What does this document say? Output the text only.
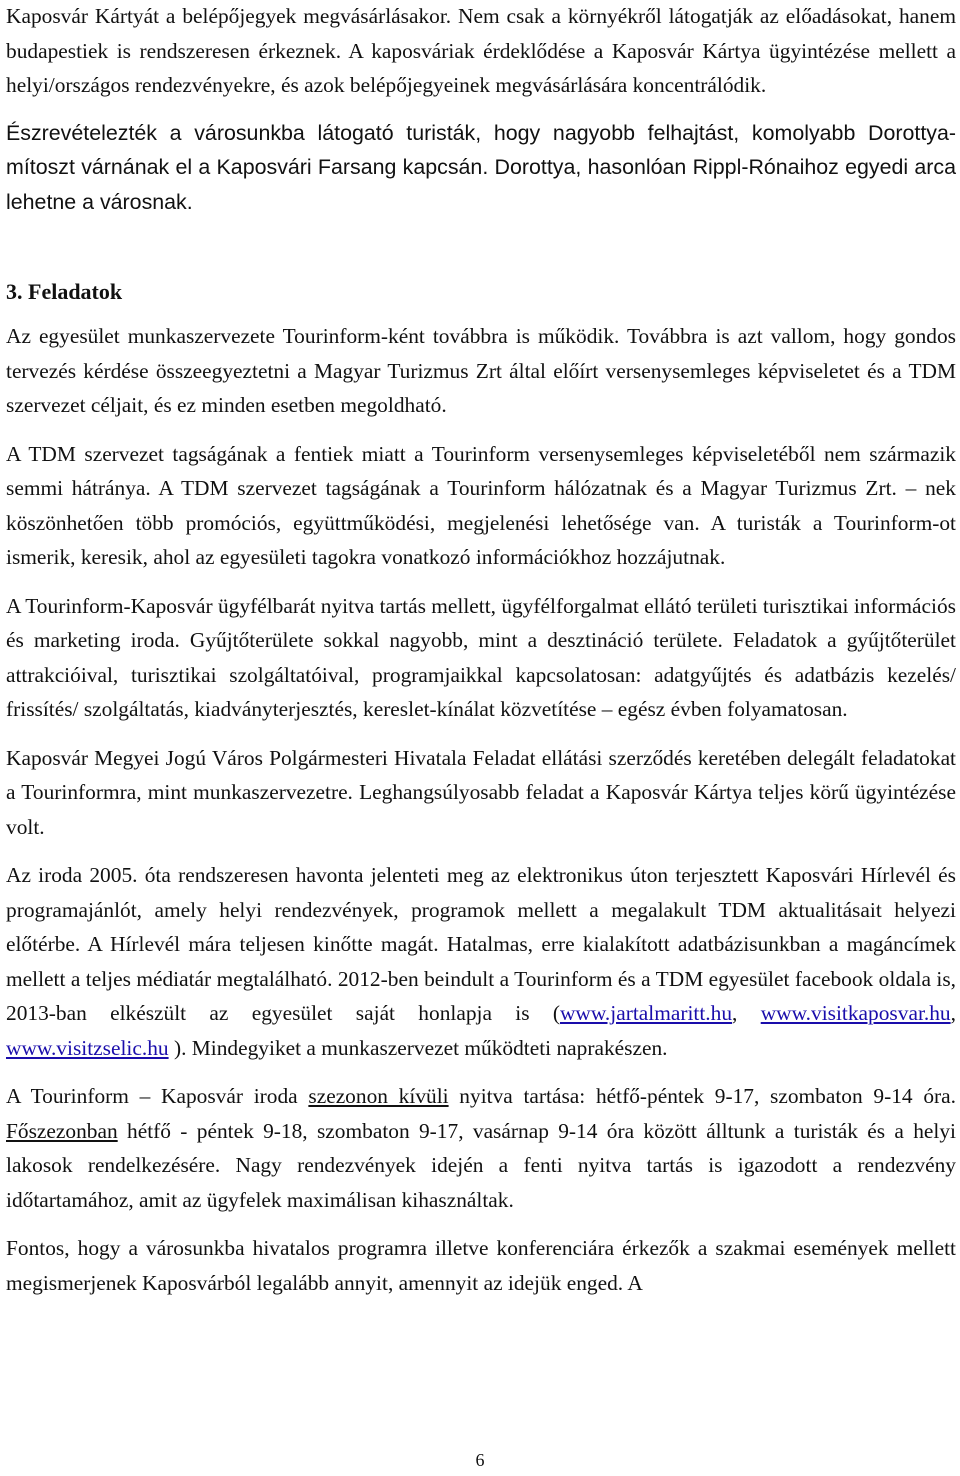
Kaposvár Kártyát a belépőjegyek megvásárlásakor. Nem csak a környékről látogatják az előadásokat, hanem budapestiek is rendszeresen érkeznek. A kaposváriak érdeklődése a Kaposvár Kártya ügyintézése mellett a helyi/országos rendezvényekre, és azok belépőjegyeinek megvásárlására koncentrálódik.

Észrevételezték a városunkba látogató turisták, hogy nagyobb felhajtást, komolyabb Dorottya-mítoszt várnának el a Kaposvári Farsang kapcsán. Dorottya, hasonlóan Rippl-Rónaihoz egyedi arca lehetne a városnak.

3. Feladatok

Az egyesület munkaszervezete Tourinform-ként továbbra is működik. Továbbra is azt vallom, hogy gondos tervezés kérdése összeegyeztetni a Magyar Turizmus Zrt által előírt versenysemleges képviseletet és a TDM szervezet céljait, és ez minden esetben megoldható.

A TDM szervezet tagságának a fentiek miatt a Tourinform versenysemleges képviseletéből nem származik semmi hátránya. A TDM szervezet tagságának a Tourinform hálózatnak és a Magyar Turizmus Zrt. – nek köszönhetően több promóciós, együttműködési, megjelenési lehetősége van. A turisták a Tourinform-ot ismerik, keresik, ahol az egyesületi tagokra vonatkozó információkhoz hozzájutnak.

A Tourinform-Kaposvár ügyfélbarát nyitva tartás mellett, ügyfélforgalmat ellátó területi turisztikai információs és marketing iroda. Gyűjtőterülete sokkal nagyobb, mint a desztináció területe. Feladatok a gyűjtőterület attrakcióival, turisztikai szolgáltatóival, programjaikkal kapcsolatosan: adatgyűjtés és adatbázis kezelés/ frissítés/ szolgáltatás, kiadványterjesztés, kereslet-kínálat közvetítése – egész évben folyamatosan.

Kaposvár Megyei Jogú Város Polgármesteri Hivatala Feladat ellátási szerződés keretében delegált feladatokat a Tourinformra, mint munkaszervezetre. Leghangsúlyosabb feladat a Kaposvár Kártya teljes körű ügyintézése volt.

Az iroda 2005. óta rendszeresen havonta jelenteti meg az elektronikus úton terjesztett Kaposvári Hírlevél és programajánlót, amely helyi rendezvények, programok mellett a megalakult TDM aktualitásait helyezi előtérbe. A Hírlevél mára teljesen kinőtte magát. Hatalmas, erre kialakított adatbázisunkban a magáncímek mellett a teljes médiatár megtalálható. 2012-ben beindult a Tourinform és a TDM egyesület facebook oldala is, 2013-ban elkészült az egyesület saját honlapja is (www.jartalmaritt.hu, www.visitkaposvar.hu, www.visitzselic.hu ). Mindegyiket a munkaszervezet működteti naprakészen.

A Tourinform – Kaposvár iroda szezonon kívüli nyitva tartása: hétfő-péntek 9-17, szombaton 9-14 óra. Főszezonban hétfő - péntek 9-18, szombaton 9-17, vasárnap 9-14 óra között álltunk a turisták és a helyi lakosok rendelkezésére. Nagy rendezvények idején a fenti nyitva tartás is igazodott a rendezvény időtartamához, amit az ügyfelek maximálisan kihasználtak.

Fontos, hogy a városunkba hivatalos programra illetve konferenciára érkezők a szakmai események mellett megismerjenek Kaposvárból legalább annyit, amennyit az idejük enged. A

6
